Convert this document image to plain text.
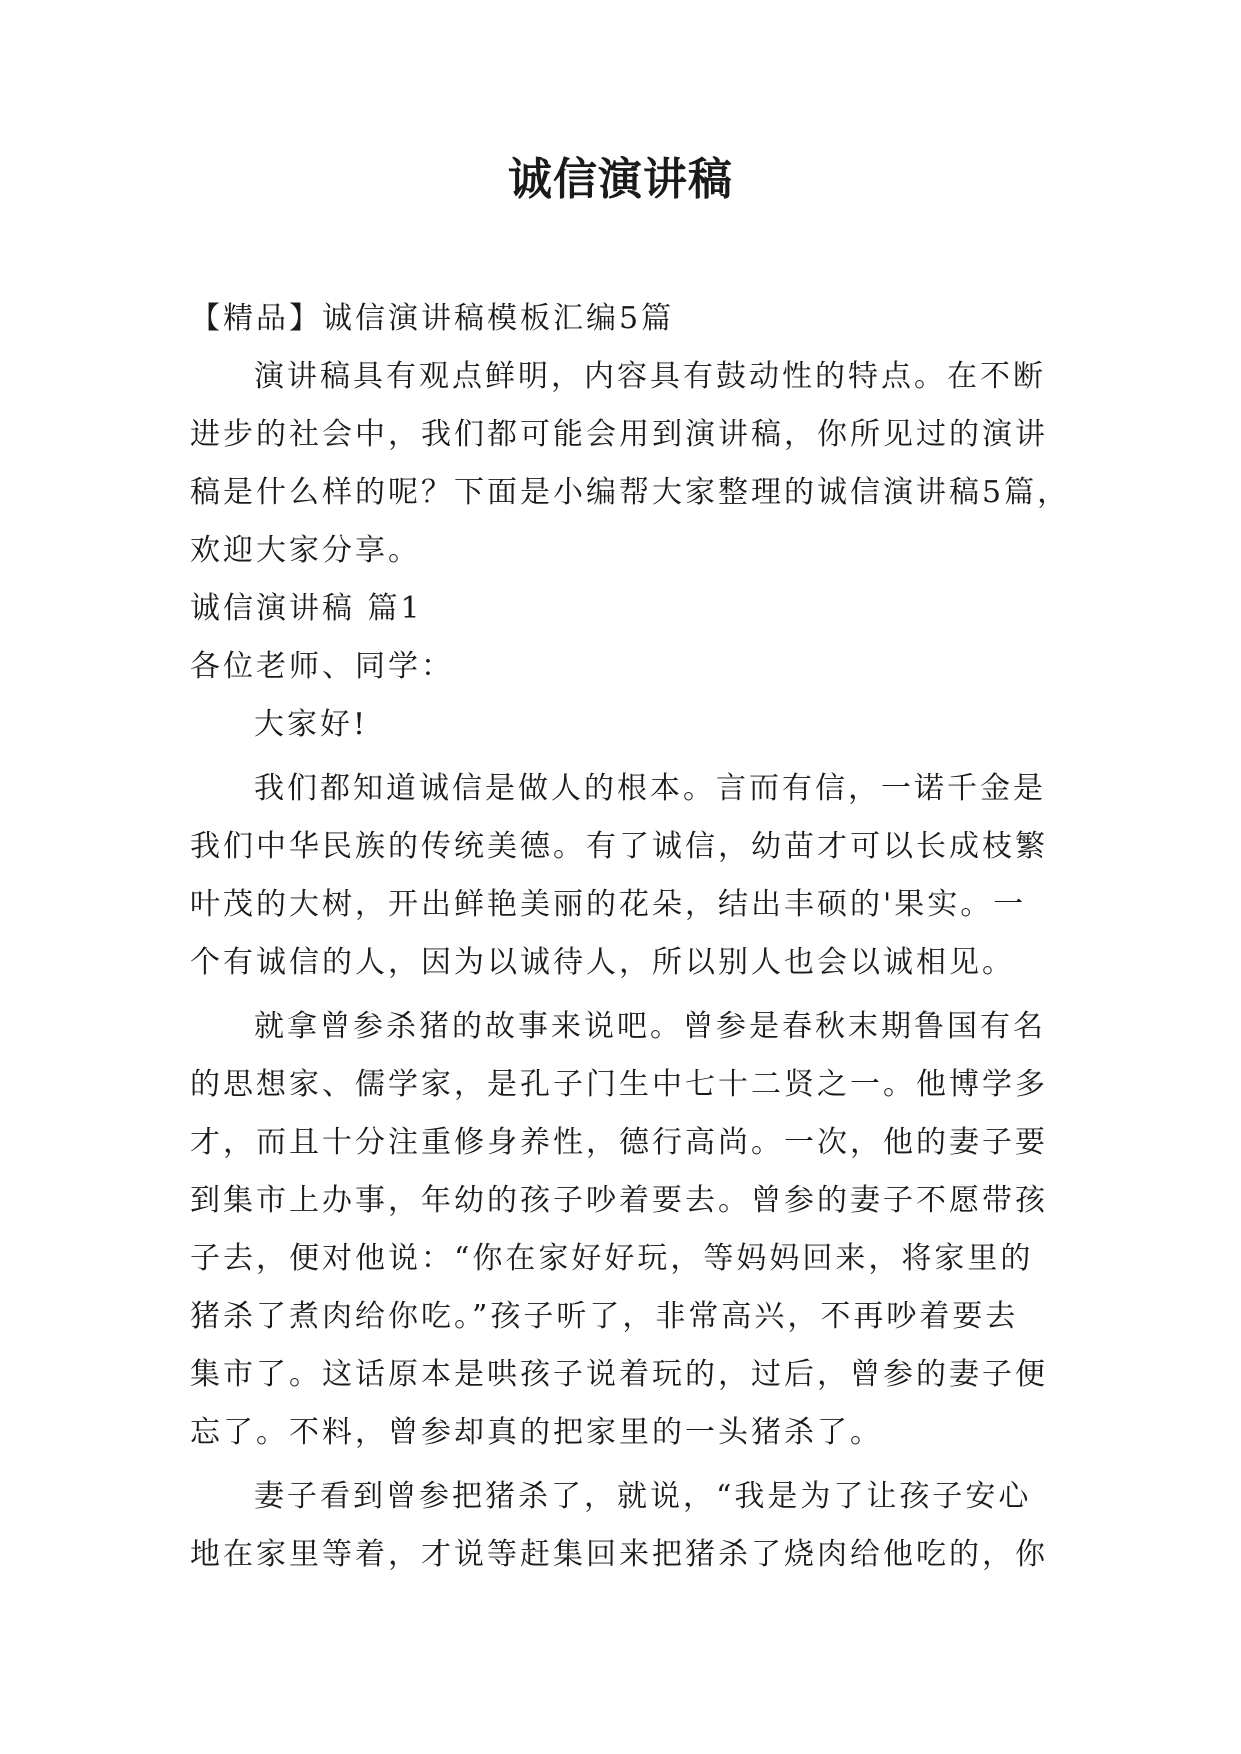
诚信演讲稿

【精品】诚信演讲稿模板汇编5篇

演讲稿具有观点鲜明，内容具有鼓动性的特点。在不断

进步的社会中，我们都可能会用到演讲稿，你所见过的演讲

稿是什么样的呢？下面是小编帮大家整理的诚信演讲稿5篇，

欢迎大家分享。

诚信演讲稿 篇1

各位老师、同学：

大家好!

我们都知道诚信是做人的根本。言而有信，一诺千金是

我们中华民族的传统美德。有了诚信，幼苗才可以长成枝繁

叶茂的大树，开出鲜艳美丽的花朵，结出丰硕的'果实。一

个有诚信的人，因为以诚待人，所以别人也会以诚相见。

就拿曾参杀猪的故事来说吧。曾参是春秋末期鲁国有名

的思想家、儒学家，是孔子门生中七十二贤之一。他博学多

才，而且十分注重修身养性，德行高尚。一次，他的妻子要

到集市上办事，年幼的孩子吵着要去。曾参的妻子不愿带孩

子去，便对他说：“你在家好好玩，等妈妈回来，将家里的

猪杀了煮肉给你吃。”孩子听了，非常高兴，不再吵着要去

集市了。这话原本是哄孩子说着玩的，过后，曾参的妻子便

忘了。不料，曾参却真的把家里的一头猪杀了。

妻子看到曾参把猪杀了，就说，“我是为了让孩子安心

地在家里等着，才说等赶集回来把猪杀了烧肉给他吃的，你
